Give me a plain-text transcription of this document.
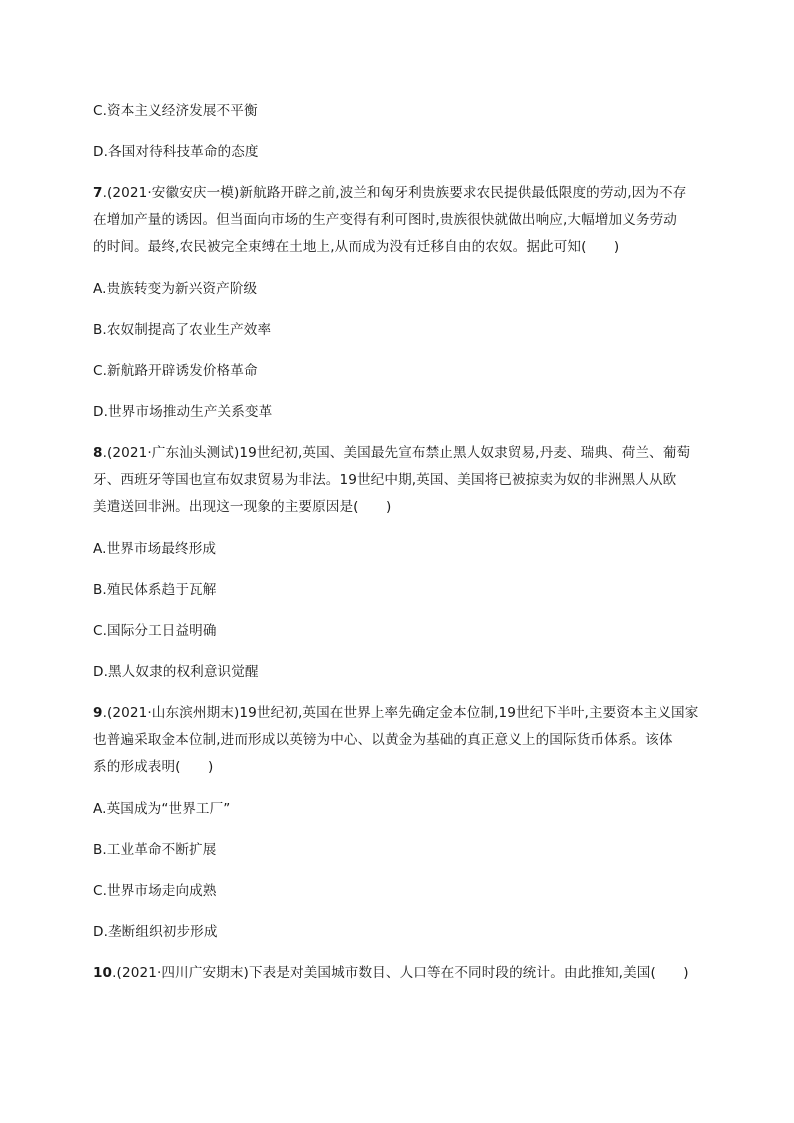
C.资本主义经济发展不平衡
D.各国对待科技革命的态度
7.(2021·安徽安庆一模)新航路开辟之前,波兰和匈牙利贵族要求农民提供最低限度的劳动,因为不存
在增加产量的诱因。但当面向市场的生产变得有利可图时,贵族很快就做出响应,大幅增加义务劳动
的时间。最终,农民被完全束缚在土地上,从而成为没有迁移自由的农奴。据此可知(　　)
A.贵族转变为新兴资产阶级
B.农奴制提高了农业生产效率
C.新航路开辟诱发价格革命
D.世界市场推动生产关系变革
8.(2021·广东汕头测试)19世纪初,英国、美国最先宣布禁止黑人奴隶贸易,丹麦、瑞典、荷兰、葡萄
牙、西班牙等国也宣布奴隶贸易为非法。19世纪中期,英国、美国将已被掠卖为奴的非洲黑人从欧
美遣送回非洲。出现这一现象的主要原因是(　　)
A.世界市场最终形成
B.殖民体系趋于瓦解
C.国际分工日益明确
D.黑人奴隶的权利意识觉醒
9.(2021·山东滨州期末)19世纪初,英国在世界上率先确定金本位制,19世纪下半叶,主要资本主义国家
也普遍采取金本位制,进而形成以英镑为中心、以黄金为基础的真正意义上的国际货币体系。该体
系的形成表明(　　)
A.英国成为“世界工厂”
B.工业革命不断扩展
C.世界市场走向成熟
D.垄断组织初步形成
10.(2021·四川广安期末)下表是对美国城市数目、人口等在不同时段的统计。由此推知,美国(　　)
